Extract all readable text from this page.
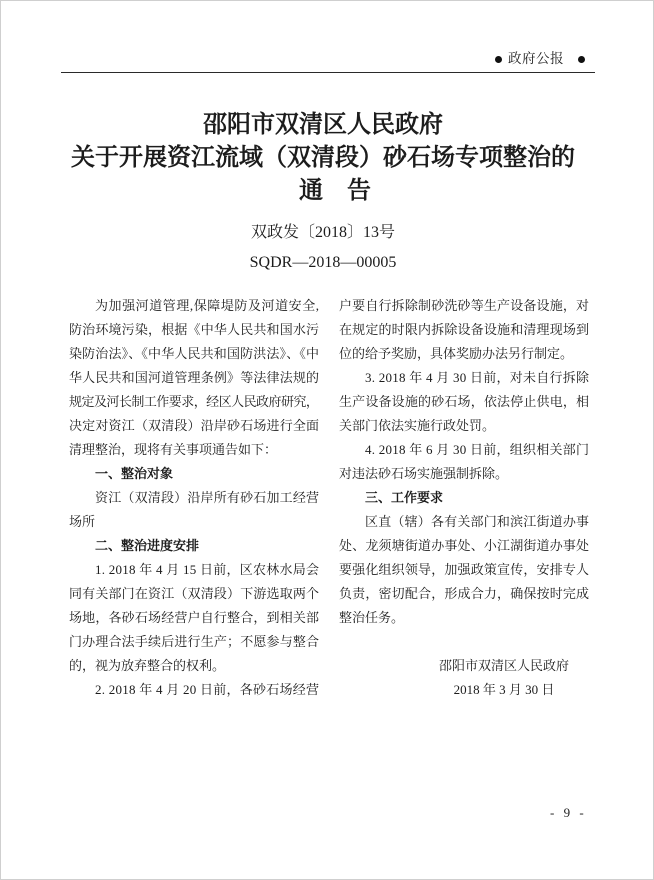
政府公报
邵阳市双清区人民政府
关于开展资江流域（双清段）砂石场专项整治的
通告
双政发〔2018〕13号
SQDR—2018—00005
为加强河道管理,保障堤防及河道安全,
防治环境污染，根据《中华人民共和国水污
染防治法》、《中华人民共和国防洪法》、《中
华人民共和国河道管理条例》等法律法规的
规定及河长制工作要求，经区人民政府研究，
决定对资江（双清段）沿岸砂石场进行全面
清理整治，现将有关事项通告如下：
一、整治对象
资江（双清段）沿岸所有砂石加工经营
场所
二、整治进度安排
1. 2018 年 4 月 15 日前，区农林水局会
同有关部门在资江（双清段）下游选取两个
场地，各砂石场经营户自行整合，到相关部
门办理合法手续后进行生产；不愿参与整合
的，视为放弃整合的权利。
2. 2018 年 4 月 20 日前，各砂石场经营
户要自行拆除制砂洗砂等生产设备设施，对
在规定的时限内拆除设备设施和清理现场到
位的给予奖励，具体奖励办法另行制定。
3. 2018 年 4 月 30 日前，对未自行拆除
生产设备设施的砂石场，依法停止供电，相
关部门依法实施行政处罚。
4. 2018 年 6 月 30 日前，组织相关部门
对违法砂石场实施强制拆除。
三、工作要求
区直（辖）各有关部门和滨江街道办事
处、龙须塘街道办事处、小江湖街道办事处
要强化组织领导，加强政策宣传，安排专人
负责，密切配合，形成合力，确保按时完成
整治任务。
邵阳市双清区人民政府
2018 年 3 月 30 日
- 9 -
